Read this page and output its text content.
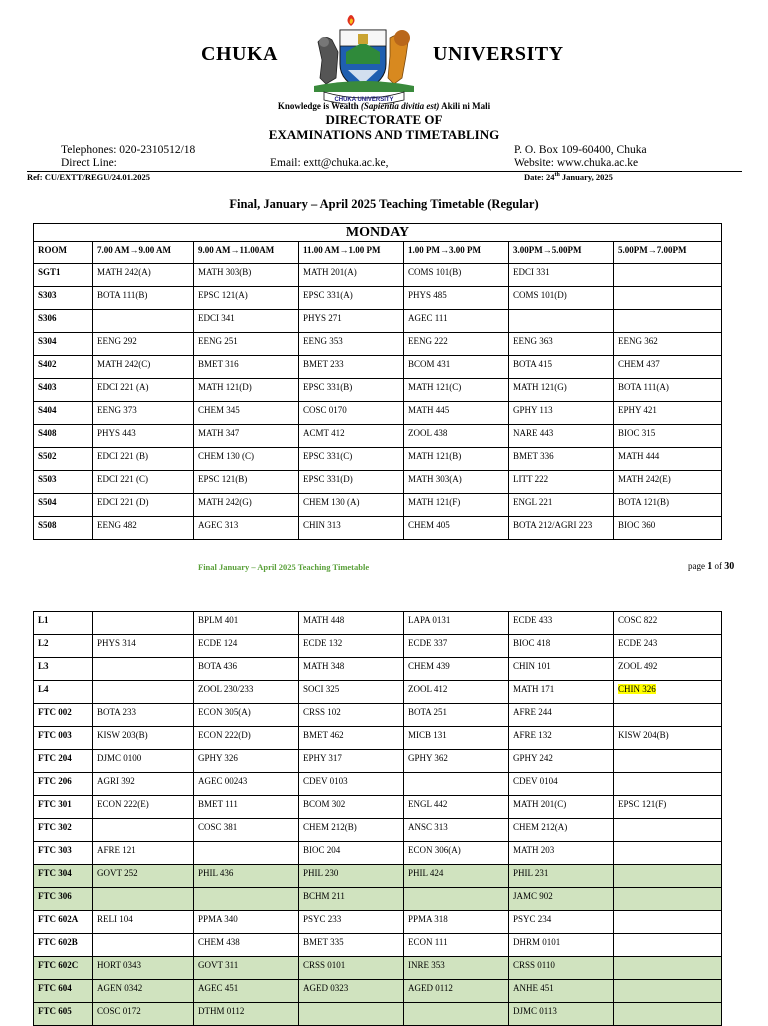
CHUKA	UNIVERSITY
CHUKA UNIVERSITY
Knowledge is Wealth (Sapientia divitia est) Akili ni Mali
DIRECTORATE OF
EXAMINATIONS AND TIMETABLING
Telephones: 020-2310512/18
Direct Line:	Email: extt@chuka.ac.ke,
P. O. Box 109-60400, Chuka
Website: www.chuka.ac.ke
Ref: CU/EXTT/REGU/24.01.2025	Date: 24th January, 2025
Final, January – April 2025 Teaching Timetable (Regular)
MONDAY						
ROOM	7.00 AM→9.00 AM	9.00 AM→11.00AM	11.00 AM→1.00 PM	1.00 PM→3.00 PM	3.00PM→5.00PM	5.00PM→7.00PM
SGT1	MATH 242(A)	MATH 303(B)	MATH 201(A)	COMS 101(B)	EDCI 331	
S303	BOTA 111(B)	EPSC 121(A)	EPSC 331(A)	PHYS 485	COMS 101(D)	
S306		EDCI 341	PHYS 271	AGEC 111		
S304	EENG 292	EENG 251	EENG 353	EENG 222	EENG 363	EENG 362
S402	MATH 242(C)	BMET 316	BMET 233	BCOM 431	BOTA 415	CHEM 437
S403	EDCI 221 (A)	MATH 121(D)	EPSC 331(B)	MATH 121(C)	MATH 121(G)	BOTA 111(A)
S404	EENG 373	CHEM 345	COSC 0170	MATH 445	GPHY 113	EPHY 421
S408	PHYS 443	MATH 347	ACMT 412	ZOOL 438	NARE 443	BIOC 315
S502	EDCI 221 (B)	CHEM 130 (C)	EPSC 331(C)	MATH 121(B)	BMET 336	MATH 444
S503	EDCI 221 (C)	EPSC 121(B)	EPSC 331(D)	MATH 303(A)	LITT 222	MATH 242(E)
S504	EDCI 221 (D)	MATH 242(G)	CHEM 130 (A)	MATH 121(F)	ENGL 221	BOTA 121(B)
S508	EENG 482	AGEC 313	CHIN 313	CHEM 405	BOTA 212/AGRI 223	BIOC 360
Final January – April 2025 Teaching Timetable	page 1 of 30
L1		BPLM 401	MATH 448	LAPA 0131	ECDE 433	COSC 822
L2	PHYS 314	ECDE 124	ECDE 132	ECDE 337	BIOC 418	ECDE 243
L3		BOTA 436	MATH 348	CHEM 439	CHIN 101	ZOOL 492
L4		ZOOL 230/233	SOCI 325	ZOOL 412	MATH 171	CHIN 326
FTC 002	BOTA 233	ECON 305(A)	CRSS 102	BOTA 251	AFRE 244	
FTC 003	KISW 203(B)	ECON 222(D)	BMET 462	MICB 131	AFRE 132	KISW 204(B)
FTC 204	DJMC 0100	GPHY 326	EPHY 317	GPHY 362	GPHY 242	
FTC 206	AGRI 392	AGEC 00243	CDEV 0103		CDEV 0104	
FTC 301	ECON 222(E)	BMET 111	BCOM 302	ENGL 442	MATH 201(C)	EPSC 121(F)
FTC 302		COSC 381	CHEM 212(B)	ANSC 313	CHEM 212(A)	
FTC 303	AFRE 121		BIOC 204	ECON 306(A)	MATH 203	
FTC 304	GOVT 252	PHIL 436	PHIL 230	PHIL 424	PHIL 231	
FTC 306			BCHM 211		JAMC 902	
FTC 602A	RELI 104	PPMA 340	PSYC 233	PPMA 318	PSYC 234	
FTC 602B		CHEM 438	BMET 335	ECON 111	DHRM 0101	
FTC 602C	HORT 0343	GOVT 311	CRSS 0101	INRE 353	CRSS 0110	
FTC 604	AGEN 0342	AGEC 451	AGED 0323	AGED 0112	ANHE 451	
FTC 605	COSC 0172	DTHM 0112			DJMC 0113	
